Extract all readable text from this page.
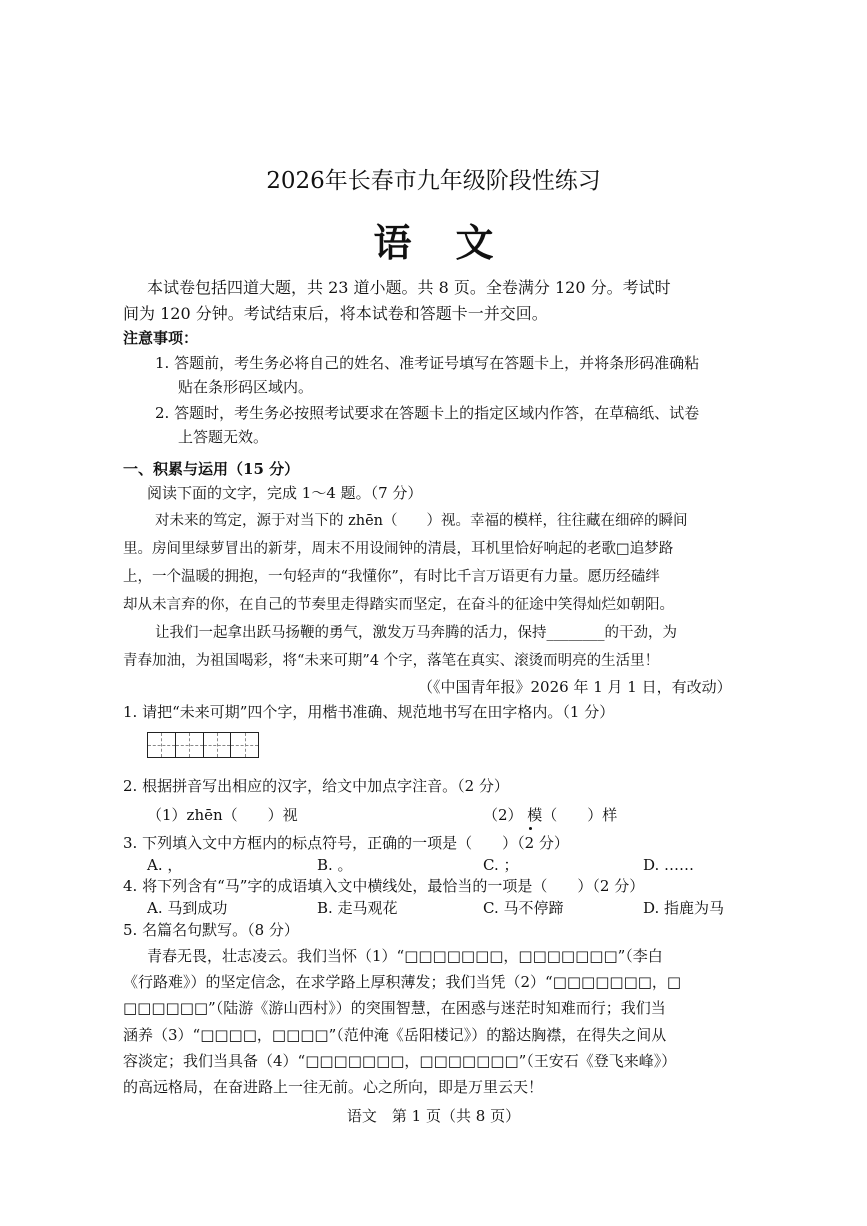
2026年长春市九年级阶段性练习
语文
本试卷包括四道大题，共 23 道小题。共 8 页。全卷满分 120 分。考试时
间为 120 分钟。考试结束后，将本试卷和答题卡一并交回。
注意事项：
1. 答题前，考生务必将自己的姓名、准考证号填写在答题卡上，并将条形码准确粘
贴在条形码区域内。
2. 答题时，考生务必按照考试要求在答题卡上的指定区域内作答，在草稿纸、试卷
上答题无效。
一、积累与运用（15 分）
阅读下面的文字，完成 1～4 题。（7 分）
对未来的笃定，源于对当下的 zhēn（　　）视。幸福的模样，往往藏在细碎的瞬间
里。房间里绿萝冒出的新芽，周末不用设闹钟的清晨，耳机里恰好响起的老歌□追梦路
上，一个温暖的拥抱，一句轻声的“我懂你”，有时比千言万语更有力量。愿历经磕绊
却从未言弃的你，在自己的节奏里走得踏实而坚定，在奋斗的征途中笑得灿烂如朝阳。
让我们一起拿出跃马扬鞭的勇气，激发万马奔腾的活力，保持________的干劲，为
青春加油，为祖国喝彩，将“未来可期”4 个字，落笔在真实、滚烫而明亮的生活里！
（《中国青年报》2026 年 1 月 1 日，有改动）
1. 请把“未来可期”四个字，用楷书准确、规范地书写在田字格内。（1 分）
2. 根据拼音写出相应的汉字，给文中加点字注音。（2 分）
（1）zhēn（　　）视	（2） 模（　　）样
3. 下列填入文中方框内的标点符号，正确的一项是（　　）（2 分）
A. ，	B. 。	C. ；	D. ……
4. 将下列含有“马”字的成语填入文中横线处，最恰当的一项是（　　）（2 分）
A. 马到成功	B. 走马观花	C. 马不停蹄	D. 指鹿为马
5. 名篇名句默写。（8 分）
青春无畏，壮志凌云。我们当怀（1）“□□□□□□□，□□□□□□□”（李白
《行路难》）的坚定信念，在求学路上厚积薄发；我们当凭（2）“□□□□□□□，□
□□□□□□”（陆游《游山西村》）的突围智慧，在困惑与迷茫时知难而行；我们当
涵养（3）“□□□□，□□□□”（范仲淹《岳阳楼记》）的豁达胸襟，在得失之间从
容淡定；我们当具备（4）“□□□□□□□，□□□□□□□”（王安石《登飞来峰》）
的高远格局，在奋进路上一往无前。心之所向，即是万里云天！
语文　第 1 页（共 8 页）
